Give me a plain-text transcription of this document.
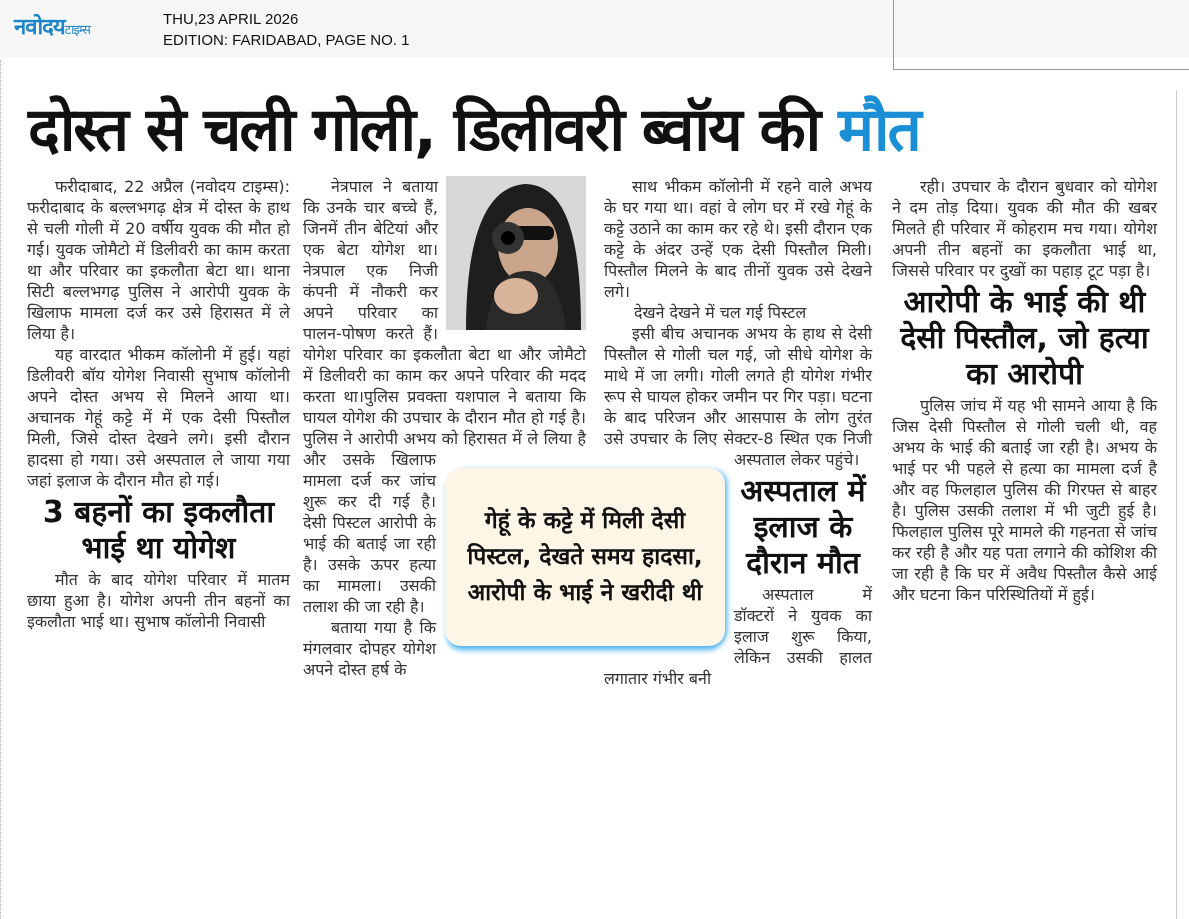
नवोदयटाइम्स
THU,23 APRIL 2026
EDITION: FARIDABAD, PAGE NO. 1
दोस्त से चली गोली, डिलीवरी ब्वॉय की मौत

फरीदाबाद, 22 अप्रैल (नवोदय टाइम्स): फरीदाबाद के बल्लभगढ़ क्षेत्र में दोस्त के हाथ से चली गोली में 20 वर्षीय युवक की मौत हो गई। युवक जोमैटो में डिलीवरी का काम करता था और परिवार का इकलौता बेटा था। थाना सिटी बल्लभगढ़ पुलिस ने आरोपी युवक के खिलाफ मामला दर्ज कर उसे हिरासत में ले लिया है।

यह वारदात भीकम कॉलोनी में हुई। यहां डिलीवरी बॉय योगेश निवासी सुभाष कॉलोनी अपने दोस्त अभय से मिलने आया था। अचानक गेहूं कट्टे में में एक देसी पिस्तौल मिली, जिसे दोस्त देखने लगे। इसी दौरान हादसा हो गया। उसे अस्पताल ले जाया गया जहां इलाज के दौरान मौत हो गई।

3 बहनों का इकलौता भाई था योगेश

मौत के बाद योगेश परिवार में मातम छाया हुआ है। योगेश अपनी तीन बहनों का इकलौता भाई था। सुभाष कॉलोनी निवासी

नेत्रपाल ने बताया कि उनके चार बच्चे हैं, जिनमें तीन बेटियां और एक बेटा योगेश था। नेत्रपाल एक निजी कंपनी में नौकरी कर अपने परिवार का पालन-पोषण करते हैं। योगेश परिवार का इकलौता बेटा था और जोमैटो में डिलीवरी का काम कर अपने परिवार की मदद करता था।पुलिस प्रवक्ता यशपाल ने बताया कि घायल योगेश की उपचार के दौरान मौत हो गई है। पुलिस ने आरोपी अभय को हिरासत में ले लिया है और उसके खिलाफ मामला दर्ज कर जांच शुरू कर दी गई है। देसी पिस्टल आरोपी के भाई की बताई जा रही है। उसके ऊपर हत्या का मामला। उसकी तलाश की जा रही है।

बताया गया है कि मंगलवार दोपहर योगेश अपने दोस्त हर्ष के

साथ भीकम कॉलोनी में रहने वाले अभय के घर गया था। वहां वे लोग घर में रखे गेहूं के कट्टे उठाने का काम कर रहे थे। इसी दौरान एक कट्टे के अंदर उन्हें एक देसी पिस्तौल मिली। पिस्तौल मिलने के बाद तीनों युवक उसे देखने लगे।

देखने देखने में चल गई पिस्टल

इसी बीच अचानक अभय के हाथ से देसी पिस्तौल से गोली चल गई, जो सीधे योगेश के माथे में जा लगी। गोली लगते ही योगेश गंभीर रूप से घायल होकर जमीन पर गिर पड़ा। घटना के बाद परिजन और आसपास के लोग तुरंत उसे उपचार के लिए सेक्टर-8 स्थित एक निजी अस्पताल लेकर पहुंचे।

अस्पताल में इलाज के दौरान मौत

अस्पताल में डॉक्टरों ने युवक का इलाज शुरू किया, लेकिन उसकी हालत लगातार गंभीर बनी

रही। उपचार के दौरान बुधवार को योगेश ने दम तोड़ दिया। युवक की मौत की खबर मिलते ही परिवार में कोहराम मच गया। योगेश अपनी तीन बहनों का इकलौता भाई था, जिससे परिवार पर दुखों का पहाड़ टूट पड़ा है।

आरोपी के भाई की थी देसी पिस्तौल, जो हत्या का आरोपी

पुलिस जांच में यह भी सामने आया है कि जिस देसी पिस्तौल से गोली चली थी, वह अभय के भाई की बताई जा रही है। अभय के भाई पर भी पहले से हत्या का मामला दर्ज है और वह फिलहाल पुलिस की गिरफ्त से बाहर है। पुलिस उसकी तलाश में भी जुटी हुई है। फिलहाल पुलिस पूरे मामले की गहनता से जांच कर रही है और यह पता लगाने की कोशिश की जा रही है कि घर में अवैध पिस्तौल कैसे आई और घटना किन परिस्थितियों में हुई।

गेहूं के कट्टे में मिली देसी पिस्टल, देखते समय हादसा, आरोपी के भाई ने खरीदी थी
